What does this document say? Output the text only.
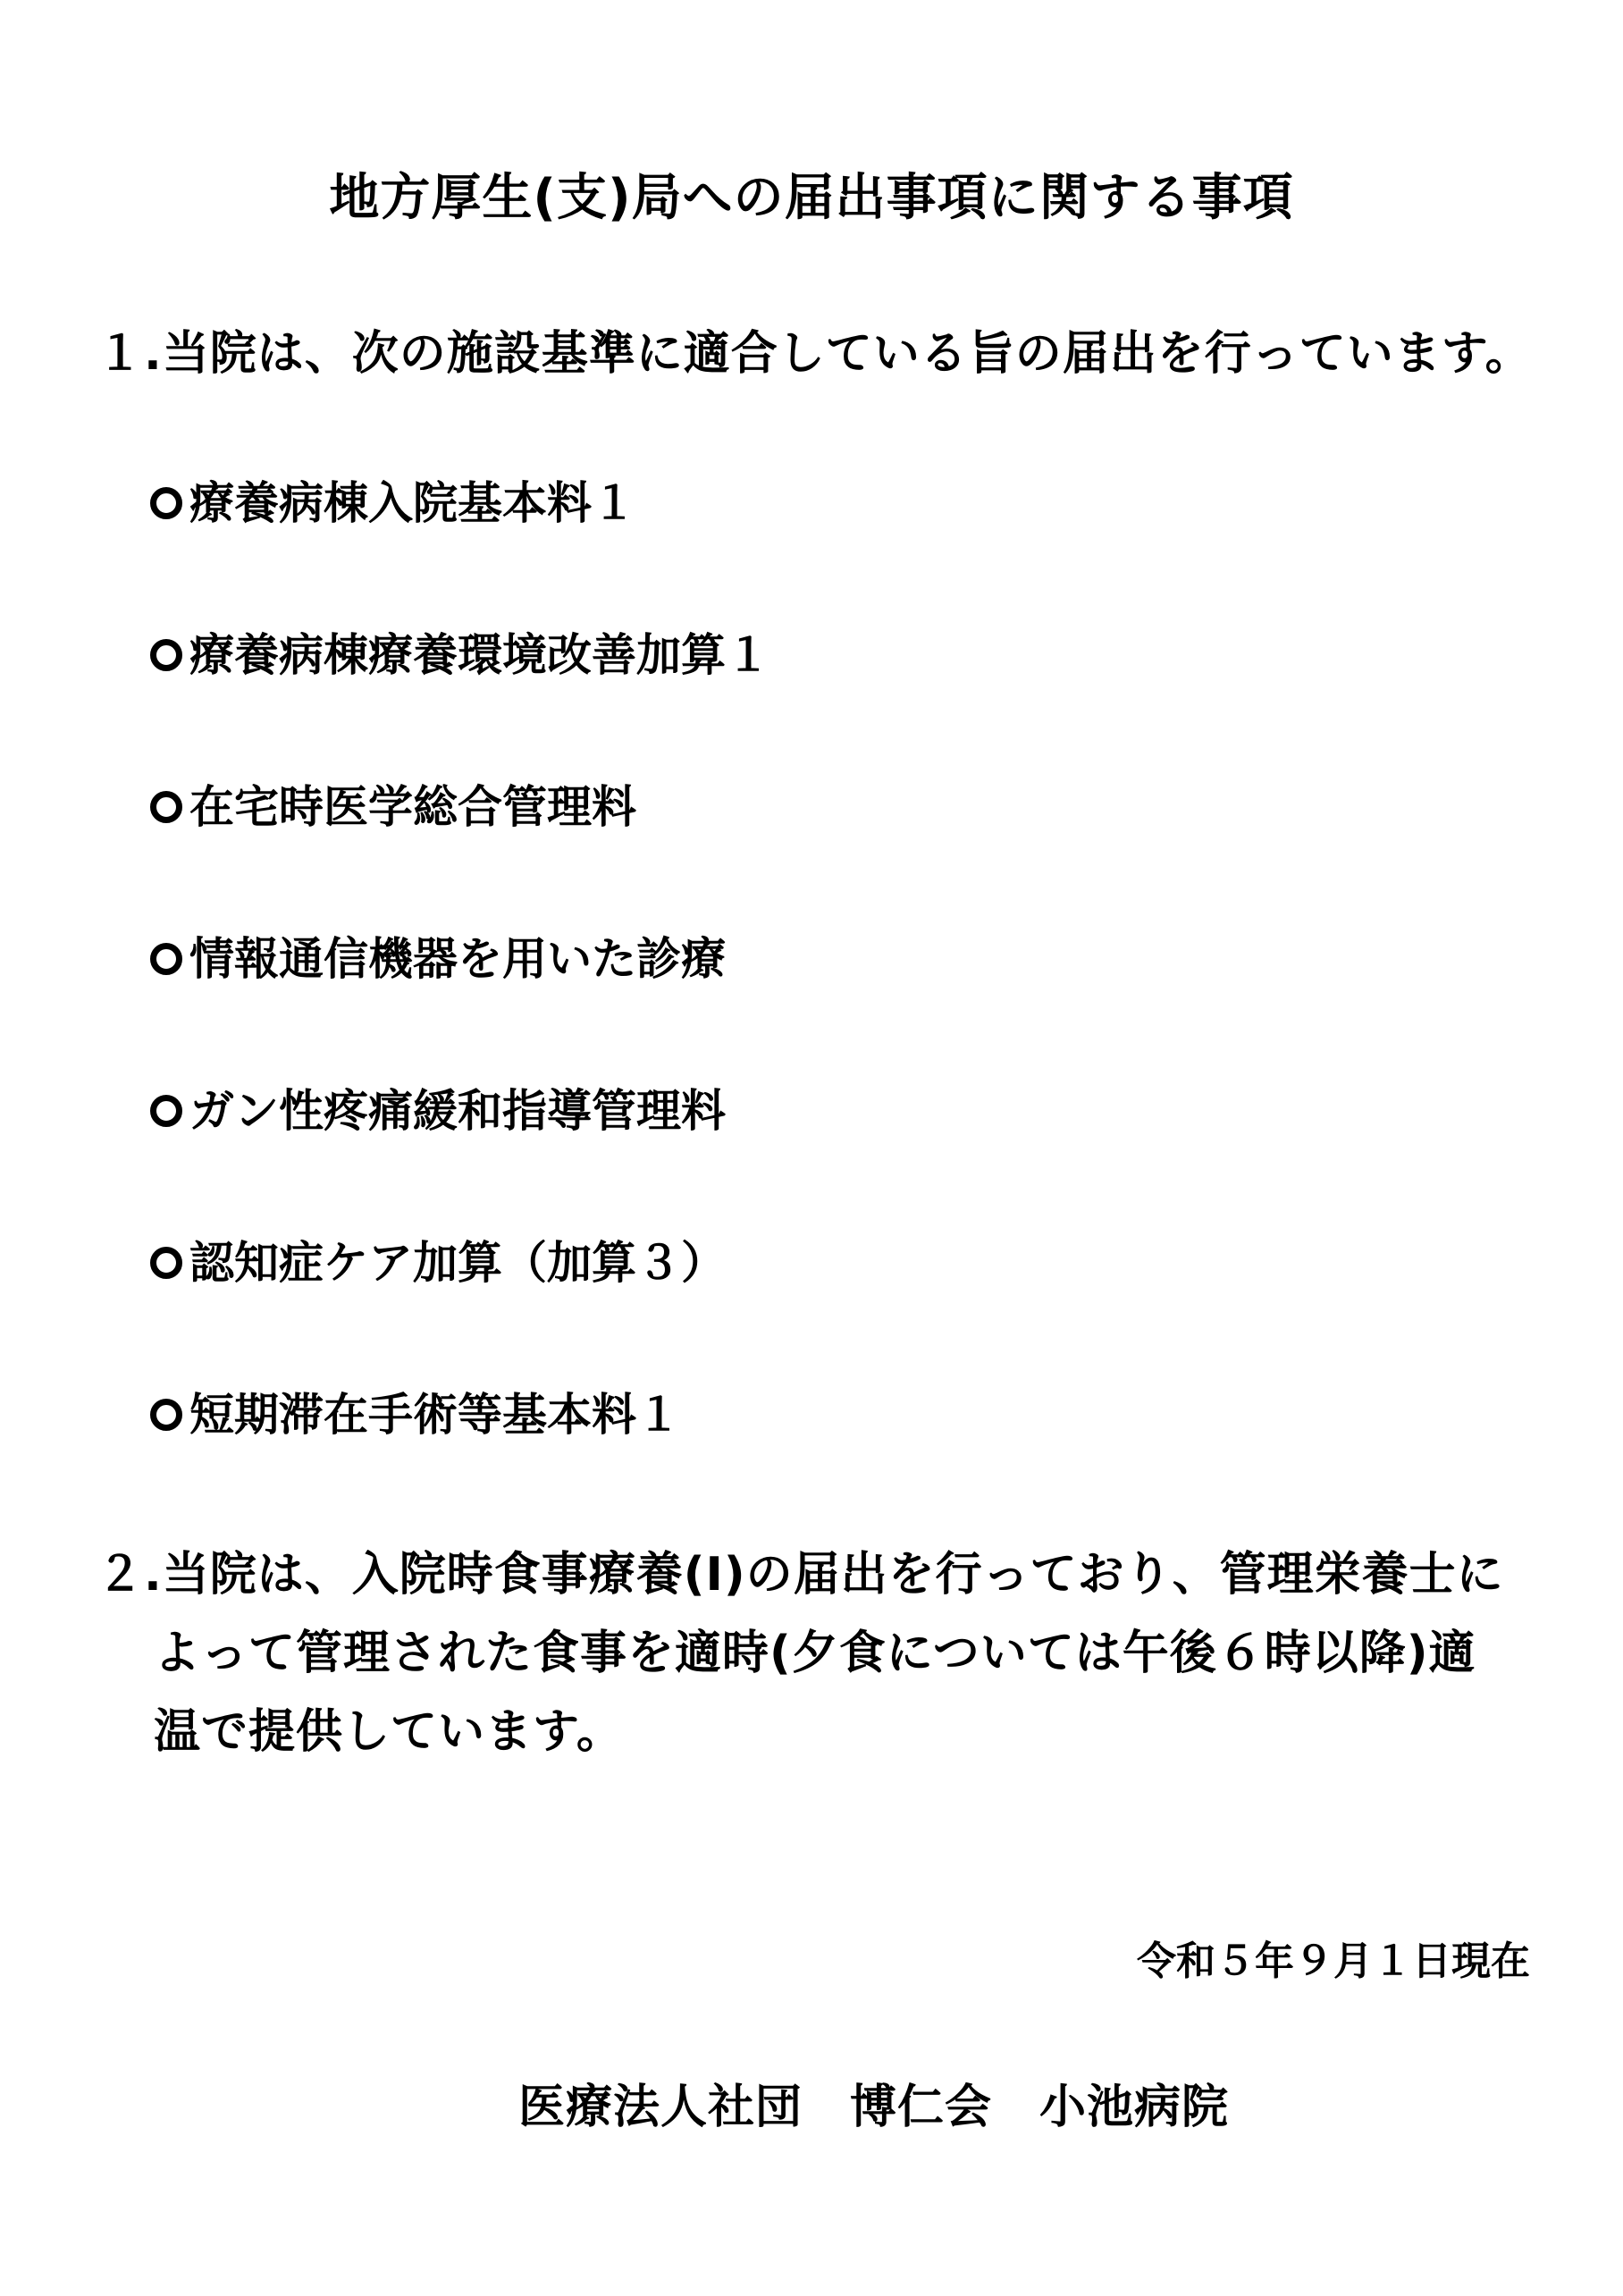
地方厚生(支)局への届出事項に関する事項
１.当院は、次の施設基準に適合している旨の届出を行っています。
療養病棟入院基本料１
療養病棟療養環境改善加算１
在宅時医学総合管理料
情報通信機器を用いた診療
ガン性疼痛緩和指導管理料
認知症ケア加算（加算３）
短期滞在手術等基本料１
２.当院は、入院時食事療養(Ⅰ)の届出を行っており、管理栄養士に
よって管理された食事を適時(夕食については午後６時以降)適
温で提供しています。
令和５年９月１日現在
医療法人社団　博仁会　小池病院
